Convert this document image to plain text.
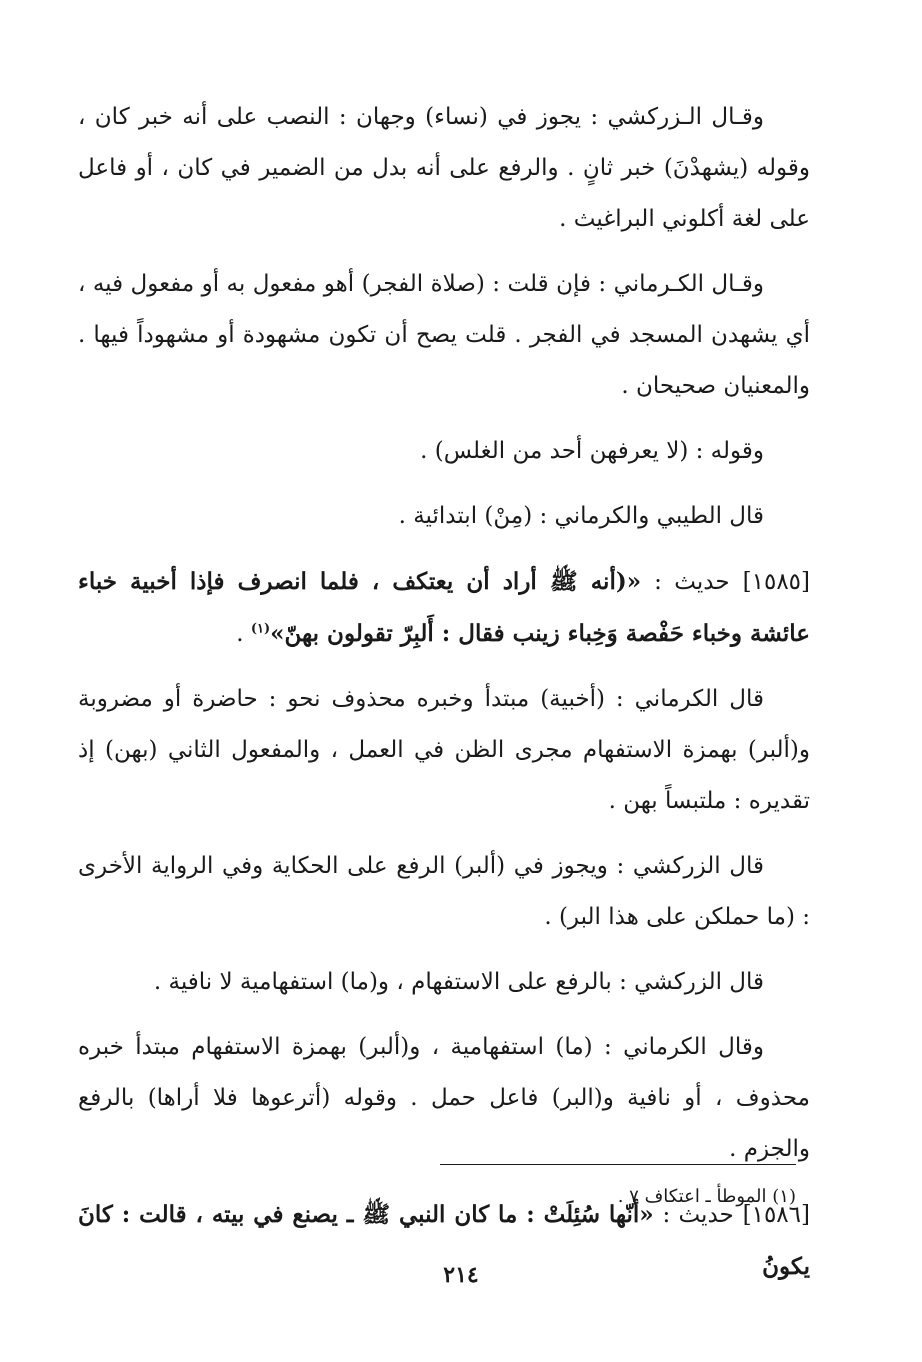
وقـال الـزركشي : يجوز في (نساء) وجهان : النصب على أنه خبر كان ، وقوله (يشهدْنَ) خبر ثانٍ . والرفع على أنه بدل من الضمير في كان ، أو فاعل على لغة أكلوني البراغيث .

وقـال الكـرماني : فإن قلت : (صلاة الفجر) أهو مفعول به أو مفعول فيه ، أي يشهدن المسجد في الفجر . قلت يصح أن تكون مشهودة أو مشهوداً فيها . والمعنيان صحيحان .

وقوله : (لا يعرفهن أحد من الغلس) .

قال الطيبي والكرماني : (مِنْ) ابتدائية .

[١٥٨٥] حديث : «(أنه ﷺ أراد أن يعتكف ، فلما انصرف فإذا أخبية خباء عائشة وخباء حَفْصة وَخِباء زينب فقال : أَلبِرّ تقولون بهنّ»$^{(١)}$ .

قال الكرماني : (أخبية) مبتدأ وخبره محذوف نحو : حاضرة أو مضروبة و(ألبر) بهمزة الاستفهام مجرى الظن في العمل ، والمفعول الثاني (بهن) إذ تقديره : ملتبساً بهن .

قال الزركشي : ويجوز في (ألبر) الرفع على الحكاية وفي الرواية الأخرى : (ما حملكن على هذا البر) .

قال الزركشي : بالرفع على الاستفهام ، و(ما) استفهامية لا نافية .

وقال الكرماني : (ما) استفهامية ، و(ألبر) بهمزة الاستفهام مبتدأ خبره محذوف ، أو نافية و(البر) فاعل حمل . وقوله (أترعوها فلا أراها) بالرفع والجزم .

[١٥٨٦] حديث : «أنّها سُئِلَتْ : ما كان النبي ﷺ ـ يصنع في بيته ، قالت : كانَ يكونُ

(١) الموطأ ـ اعتكاف ٧ .

٢١٤
